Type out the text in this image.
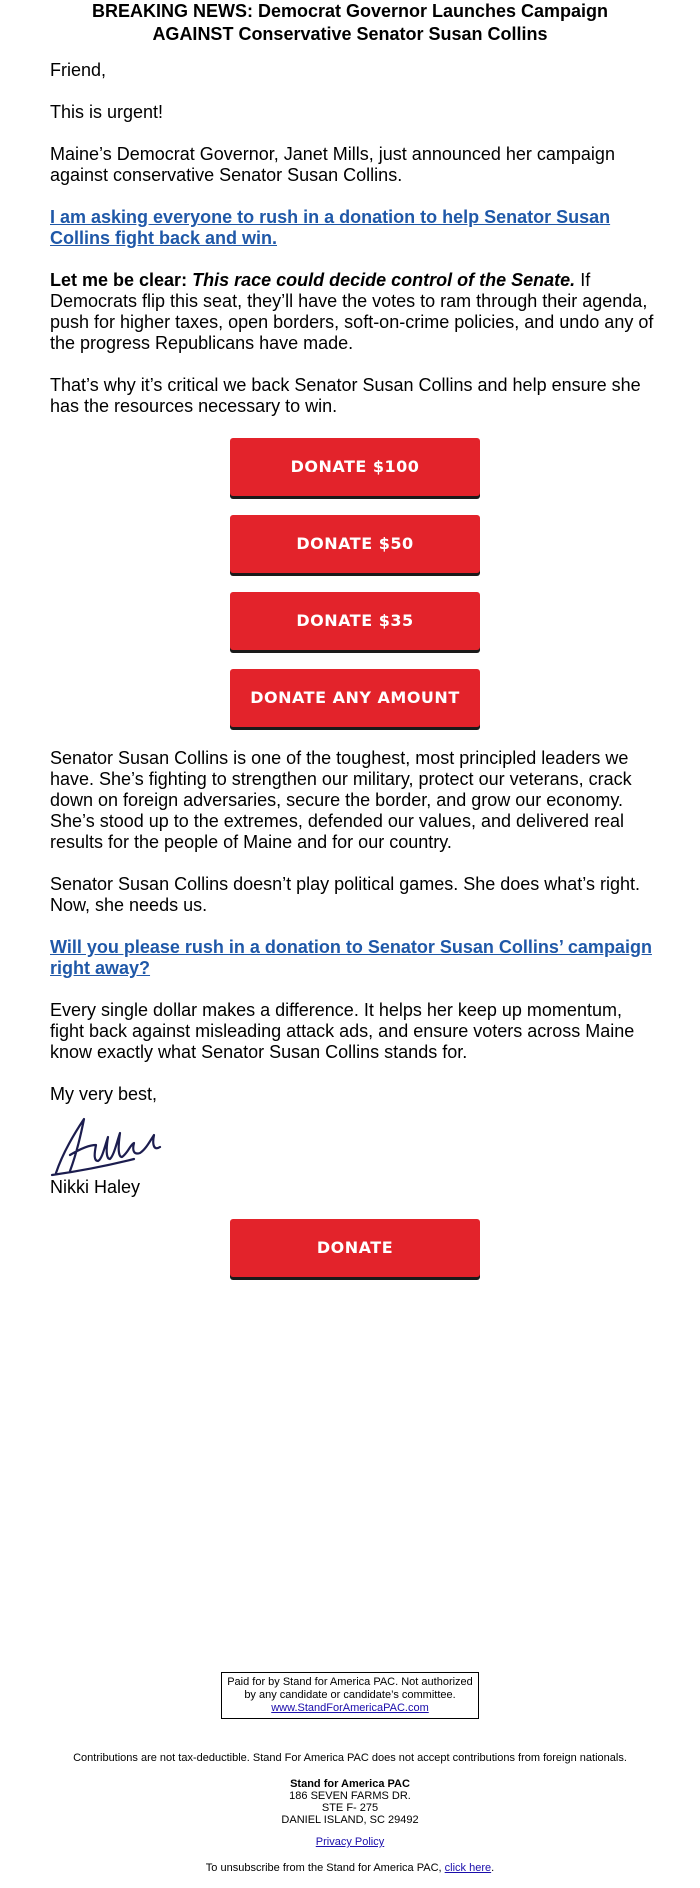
BREAKING NEWS: Democrat Governor Launches Campaign
AGAINST Conservative Senator Susan Collins

Friend,

This is urgent!

Maine’s Democrat Governor, Janet Mills, just announced her campaign against conservative Senator Susan Collins.

I am asking everyone to rush in a donation to help Senator Susan Collins fight back and win.

Let me be clear: This race could decide control of the Senate. If Democrats flip this seat, they’ll have the votes to ram through their agenda, push for higher taxes, open borders, soft-on-crime policies, and undo any of the progress Republicans have made.

That’s why it’s critical we back Senator Susan Collins and help ensure she has the resources necessary to win.

DONATE $100
DONATE $50
DONATE $35
DONATE ANY AMOUNT

Senator Susan Collins is one of the toughest, most principled leaders we have. She’s fighting to strengthen our military, protect our veterans, crack down on foreign adversaries, secure the border, and grow our economy. She’s stood up to the extremes, defended our values, and delivered real results for the people of Maine and for our country.

Senator Susan Collins doesn’t play political games. She does what’s right. Now, she needs us.

Will you please rush in a donation to Senator Susan Collins’ campaign right away?

Every single dollar makes a difference. It helps her keep up momentum, fight back against misleading attack ads, and ensure voters across Maine know exactly what Senator Susan Collins stands for.

My very best,

Nikki Haley

DONATE
Paid for by Stand for America PAC. Not authorized by any candidate or candidate’s committee.
www.StandForAmericaPAC.com

Contributions are not tax-deductible. Stand For America PAC does not accept contributions from foreign nationals.

Stand for America PAC
186 SEVEN FARMS DR.
STE F- 275
DANIEL ISLAND, SC 29492

Privacy Policy

To unsubscribe from the Stand for America PAC, click here.
